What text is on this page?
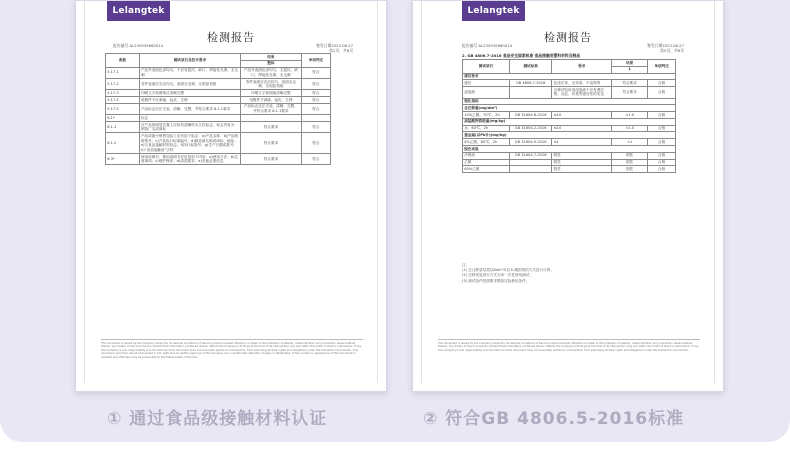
Lelangtek
检测报告
报告编号 AL230535660014	签发日期2023.06.27
第2页，共8页
条款	测试项目及技术要求	结果	单项判定
		整体	
5.17.1	产品外表面色泽均匀，不应有裂纹、缺口、焊接处光滑、无毛刺	产品外表面色泽均匀，无裂纹、缺口，焊接处光滑、无毛刺	符合
5.17.2	零件表面应光洁均匀，表面无毛刺，无明显划痕	零件表面应光洁均匀，表面无毛刺，无明显划痕	符合
5.17.3	印刷文字和图案应清晰完整	印刷文字和图案清晰完整	符合
5.17.4	电镀件不应剥落、起皮、生锈	电镀件不剥落、起皮、生锈	符合
5.17.5	产品标志应正式表、清晰、完整，并符合要求 8.1.1要求	产品标志应正式表、清晰、完整，并符合要求 8.1.1要求	符合
8.1*	标志		
8.1.1	在产品的明显位置上应标有清晰的永久性标志，标志内容为：制造厂名或商标	符合要求	符合
8.1.2	产品或最小销售包装上应有如下标志：a)产品名称；b)产品规格型号；c)产品执行标准编号；d)制造商名称或商标、地址；e)与食品接触材料标志；f)执行标准号；g)生产日期或批号；h)“食品接触用”字样	符合要求	符合
8.3*	使用说明书：使用说明书应包括如下内容：a)使用方法；b)注意事项；c)维护保养；d)清洗要求；e)其他必要信息	符合要求	符合
This document is issued by the Company subject to its General Conditions of Service printed overleaf. Attention is drawn to the limitation of liability, indemnification and jurisdiction issues defined therein. Any holder of this document is advised that information contained hereon reflects the Company's findings at the time of its intervention only and within the limits of Client's instructions, if any. The Company's sole responsibility is to its Client and this document does not exonerate parties to a transaction from exercising all their rights and obligations under the transaction documents. This document cannot be reproduced except in full, without prior written approval of the Company. Any unauthorized alteration, forgery or falsification of the content or appearance of this document is unlawful and offenders may be prosecuted to the fullest extent of the law.
Lelangtek
检测报告
报告编号 AL230535660014	签发日期2023.06.27
第5页，共8页
2. GB 4806.7-2016 食品安全国家标准 食品接触用塑料材料及制品
测试项目	测试标准	要求	结果	单项判定
			1	
感官要求				
感官	GB 4806.7-2016	色泽正常，无异臭、不洁物等	符合要求	合格
浸泡液		迁移试验所用浸泡液不应有漂浮物、沉淀、异臭等感官性的劣变	符合要求	合格
理化指标				
总迁移量(mg/dm²)				
10%乙醇，70℃，2h	GB 31604.8-2016	≤10	<1.0	合格
高锰酸钾消耗量(mg/kg)				
水，60℃，2h	GB 31604.2-2016	≤10	<1.0	合格
重金属(以Pb计)(mg/kg)				
4%乙酸，60℃，2h	GB 31604.9-2016	≤1	<1	合格
脱色试验				
冷餐油	GB 31604.7-2016	阴性	阴性	合格
乙醇		阴性	阴性	合格
65%乙醇		阴性	阴性	合格
注：
(1) 总迁移量结果以6dm²对应1L模拟物的方式进行计算；
(2) 迁移试验进行方式为单一次性使用测试；
(3) 测试条件按照要求模拟实际使用条件。
This document is issued by the Company subject to its General Conditions of Service printed overleaf. Attention is drawn to the limitation of liability, indemnification and jurisdiction issues defined therein. Any holder of this document is advised that information contained hereon reflects the Company's findings at the time of its intervention only and within the limits of Client's instructions, if any. The Company's sole responsibility is to its Client and this document does not exonerate parties to a transaction from exercising all their rights and obligations under the transaction documents.
① 通过食品级接触材料认证	② 符合GB 4806.5-2016标准
